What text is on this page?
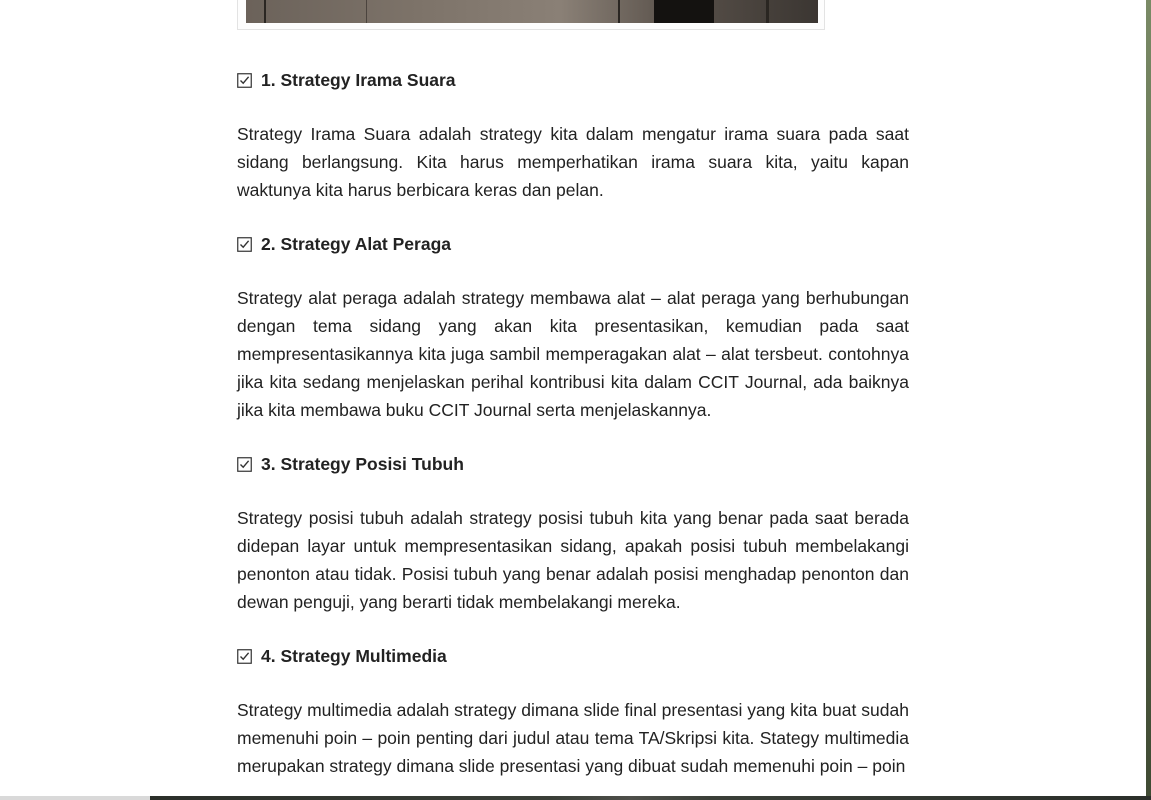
1. Strategy Irama Suara

Strategy Irama Suara adalah strategy kita dalam mengatur irama suara pada saat sidang berlangsung. Kita harus memperhatikan irama suara kita, yaitu kapan waktunya kita harus berbicara keras dan pelan.

2. Strategy Alat Peraga

Strategy alat peraga adalah strategy membawa alat – alat peraga yang berhubungan dengan tema sidang yang akan kita presentasikan, kemudian pada saat mempresentasikannya kita juga sambil memperagakan alat – alat tersbeut. contohnya jika kita sedang menjelaskan perihal kontribusi kita dalam CCIT Journal, ada baiknya jika kita membawa buku CCIT Journal serta menjelaskannya.

3. Strategy Posisi Tubuh

Strategy posisi tubuh adalah strategy posisi tubuh kita yang benar pada saat berada didepan layar untuk mempresentasikan sidang, apakah posisi tubuh membelakangi penonton atau tidak. Posisi tubuh yang benar adalah posisi menghadap penonton dan dewan penguji, yang berarti tidak membelakangi mereka.

4. Strategy Multimedia

Strategy multimedia adalah strategy dimana slide final presentasi yang kita buat sudah memenuhi poin – poin penting dari judul atau tema TA/Skripsi kita. Stategy multimedia merupakan strategy dimana slide presentasi yang dibuat sudah memenuhi poin – poin
